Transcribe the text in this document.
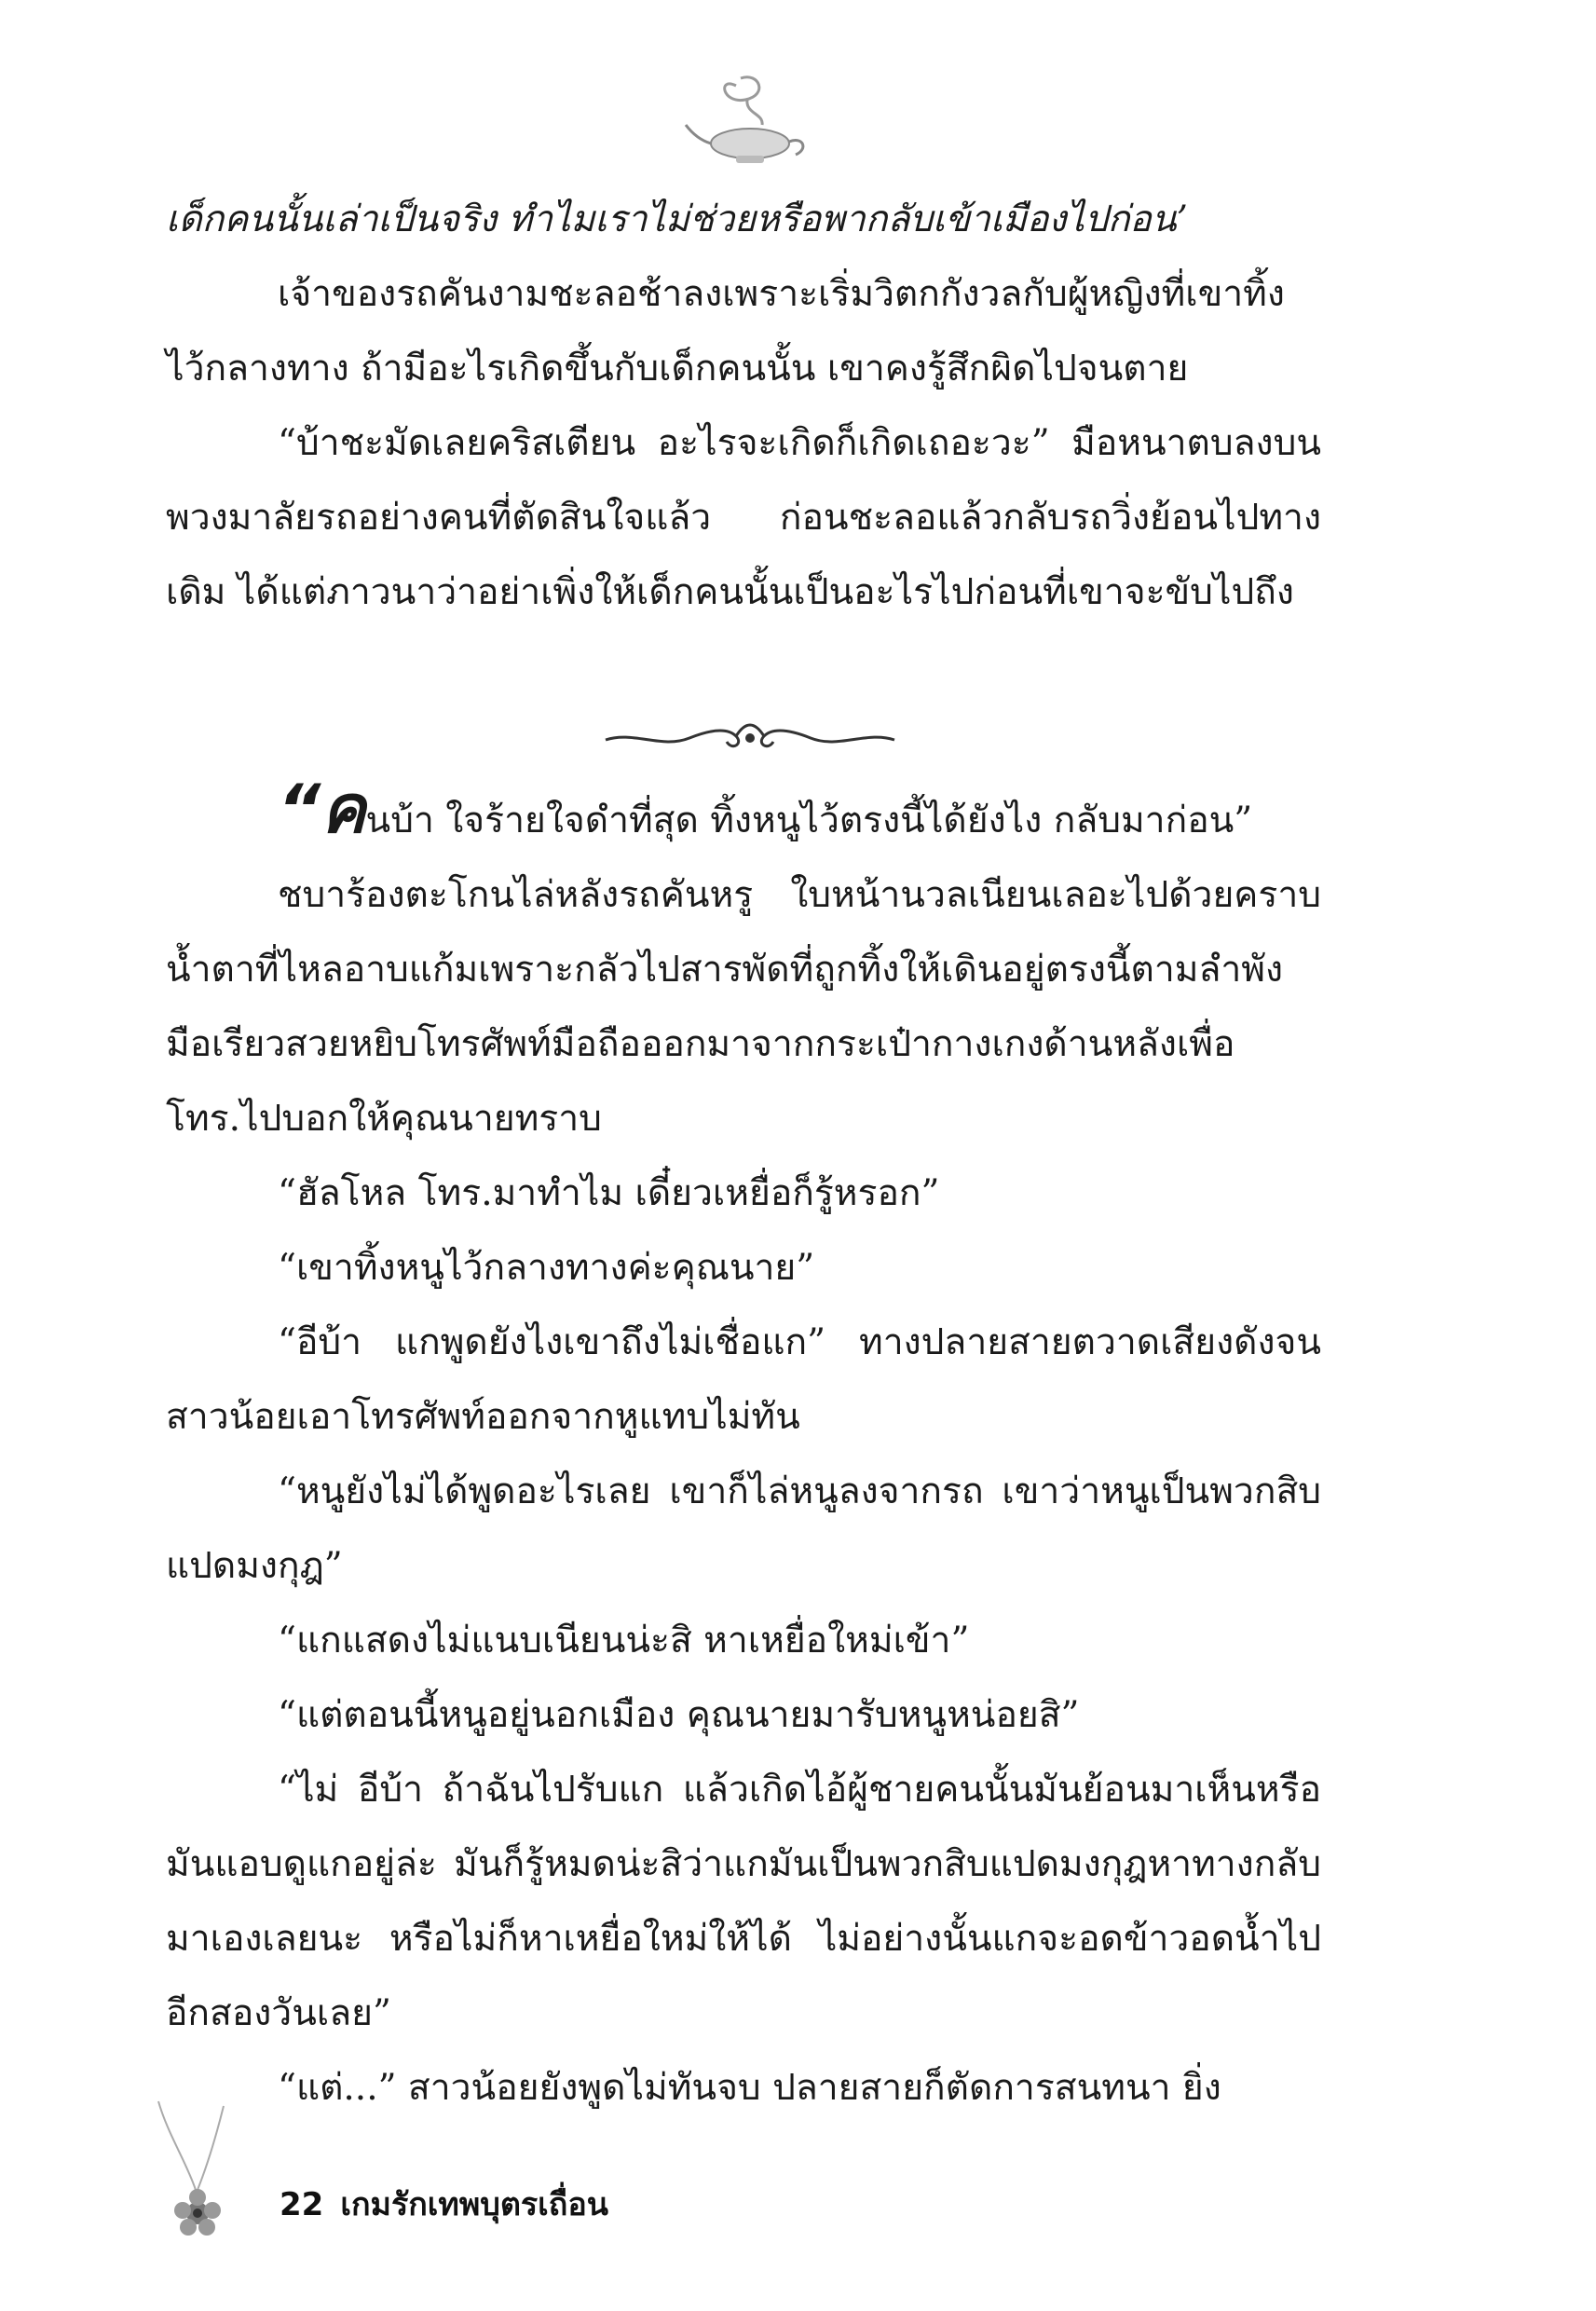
เด็กคนนั้นเล่าเป็นจริง ทำไมเราไม่ช่วยหรือพากลับเข้าเมืองไปก่อน’

เจ้าของรถคันงามชะลอช้าลงเพราะเริ่มวิตกกังวลกับผู้หญิงที่เขาทิ้งไว้กลางทาง ถ้ามีอะไรเกิดขึ้นกับเด็กคนนั้น เขาคงรู้สึกผิดไปจนตาย

“บ้าชะมัดเลยคริสเตียน อะไรจะเกิดก็เกิดเถอะวะ” มือหนาตบลงบนพวงมาลัยรถอย่างคนที่ตัดสินใจแล้ว ก่อนชะลอแล้วกลับรถวิ่งย้อนไปทางเดิม ได้แต่ภาวนาว่าอย่าเพิ่งให้เด็กคนนั้นเป็นอะไรไปก่อนที่เขาจะขับไปถึง

“คนบ้า ใจร้ายใจดำที่สุด ทิ้งหนูไว้ตรงนี้ได้ยังไง กลับมาก่อน”

ชบาร้องตะโกนไล่หลังรถคันหรู ใบหน้านวลเนียนเลอะไปด้วยคราบน้ำตาที่ไหลอาบแก้มเพราะกลัวไปสารพัดที่ถูกทิ้งให้เดินอยู่ตรงนี้ตามลำพัง มือเรียวสวยหยิบโทรศัพท์มือถือออกมาจากกระเป๋ากางเกงด้านหลังเพื่อโทร.ไปบอกให้คุณนายทราบ

“ฮัลโหล โทร.มาทำไม เดี๋ยวเหยื่อก็รู้หรอก”

“เขาทิ้งหนูไว้กลางทางค่ะคุณนาย”

“อีบ้า แกพูดยังไงเขาถึงไม่เชื่อแก” ทางปลายสายตวาดเสียงดังจนสาวน้อยเอาโทรศัพท์ออกจากหูแทบไม่ทัน

“หนูยังไม่ได้พูดอะไรเลย เขาก็ไล่หนูลงจากรถ เขาว่าหนูเป็นพวกสิบแปดมงกุฎ”

“แกแสดงไม่แนบเนียนน่ะสิ หาเหยื่อใหม่เข้า”

“แต่ตอนนี้หนูอยู่นอกเมือง คุณนายมารับหนูหน่อยสิ”

“ไม่ อีบ้า ถ้าฉันไปรับแก แล้วเกิดไอ้ผู้ชายคนนั้นมันย้อนมาเห็นหรือมันแอบดูแกอยู่ล่ะ มันก็รู้หมดน่ะสิว่าแกมันเป็นพวกสิบแปดมงกุฎหาทางกลับมาเองเลยนะ หรือไม่ก็หาเหยื่อใหม่ให้ได้ ไม่อย่างนั้นแกจะอดข้าวอดน้ำไปอีกสองวันเลย”

“แต่...” สาวน้อยยังพูดไม่ทันจบ ปลายสายก็ตัดการสนทนา ยิ่ง

22 เกมรักเทพบุตรเถื่อน
